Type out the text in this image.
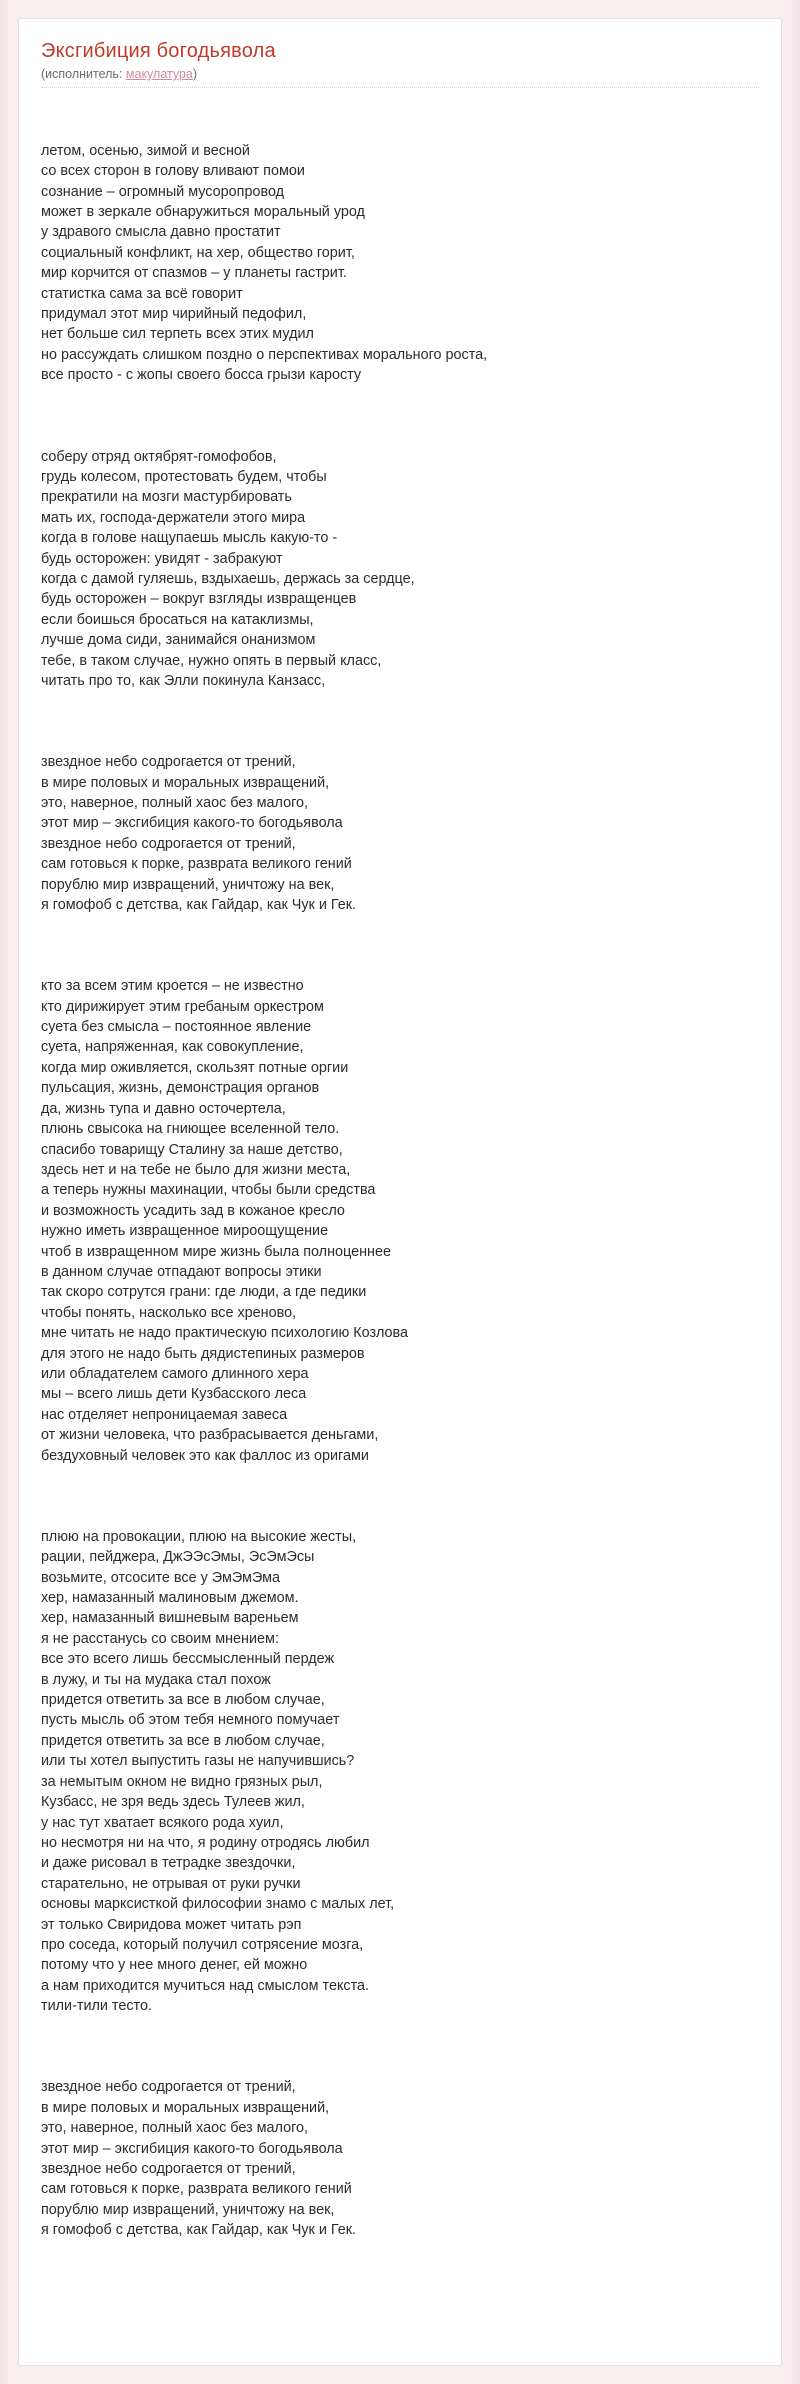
Эксгибиция богодьявола
(исполнитель: макулатура)

летом, осенью, зимой и весной
со всех сторон в голову вливают помои
сознание – огромный мусоропровод
может в зеркале обнаружиться моральный урод
у здравого смысла давно простатит
социальный конфликт, на хер, общество горит,
мир корчится от спазмов – у планеты гастрит.
статистка сама за всё говорит
придумал этот мир чирийный педофил,
нет больше сил терпеть всех этих мудил
но рассуждать слишком поздно о перспективах морального роста,
все просто - с жопы своего босса грызи каросту

соберу отряд октябрят-гомофобов,
грудь колесом, протестовать будем, чтобы
прекратили на мозги мастурбировать
мать их, господа-держатели этого мира
когда в голове нащупаешь мысль какую-то -
будь осторожен: увидят - забракуют
когда с дамой гуляешь, вздыхаешь, держась за сердце,
будь осторожен – вокруг взгляды извращенцев
если боишься бросаться на катаклизмы,
лучше дома сиди, занимайся онанизмом
тебе, в таком случае, нужно опять в первый класс,
читать про то, как Элли покинула Канзасс,

звездное небо содрогается от трений,
в мире половых и моральных извращений,
это, наверное, полный хаос без малого,
этот мир – эксгибиция какого-то богодьявола
звездное небо содрогается от трений,
сам готовься к порке, разврата великого гений
порублю мир извращений, уничтожу на век,
я гомофоб с детства, как Гайдар, как Чук и Гек.

кто за всем этим кроется – не известно
кто дирижирует этим гребаным оркестром
суета без смысла – постоянное явление
суета, напряженная, как совокупление,
когда мир оживляется, скользят потные оргии
пульсация, жизнь, демонстрация органов
да, жизнь тупа и давно осточертела,
плюнь свысока на гниющее вселенной тело.
спасибо товарищу Сталину за наше детство,
здесь нет и на тебе не было для жизни места,
а теперь нужны махинации, чтобы были средства
и возможность усадить зад в кожаное кресло
нужно иметь извращенное мироощущение
чтоб в извращенном мире жизнь была полноценнее
в данном случае отпадают вопросы этики
так скоро сотрутся грани: где люди, а где педики
чтобы понять, насколько все хреново,
мне читать не надо практическую психологию Козлова
для этого не надо быть дядистепиных размеров
или обладателем самого длинного хера
мы – всего лишь дети Кузбасского леса
нас отделяет непроницаемая завеса
от жизни человека, что разбрасывается деньгами,
бездуховный человек это как фаллос из оригами

плюю на провокации, плюю на высокие жесты,
рации, пейджера, ДжЭЭсЭмы, ЭсЭмЭсы
возьмите, отсосите все у ЭмЭмЭма
хер, намазанный малиновым джемом.
хер, намазанный вишневым вареньем
я не расстанусь со своим мнением:
все это всего лишь бессмысленный пердеж
в лужу, и ты на мудака стал похож
придется ответить за все в любом случае,
пусть мысль об этом тебя немного помучает
придется ответить за все в любом случае,
или ты хотел выпустить газы не напучившись?
за немытым окном не видно грязных рыл,
Кузбасс, не зря ведь здесь Тулеев жил,
у нас тут хватает всякого рода хуил,
но несмотря ни на что, я родину отродясь любил
и даже рисовал в тетрадке звездочки,
старательно, не отрывая от руки ручки
основы марксисткой философии знамо с малых лет,
эт только Свиридова может читать рэп
про соседа, который получил сотрясение мозга,
потому что у нее много денег, ей можно
а нам приходится мучиться над смыслом текста.
тили-тили тесто.

звездное небо содрогается от трений,
в мире половых и моральных извращений,
это, наверное, полный хаос без малого,
этот мир – эксгибиция какого-то богодьявола
звездное небо содрогается от трений,
сам готовься к порке, разврата великого гений
порублю мир извращений, уничтожу на век,
я гомофоб с детства, как Гайдар, как Чук и Гек.
